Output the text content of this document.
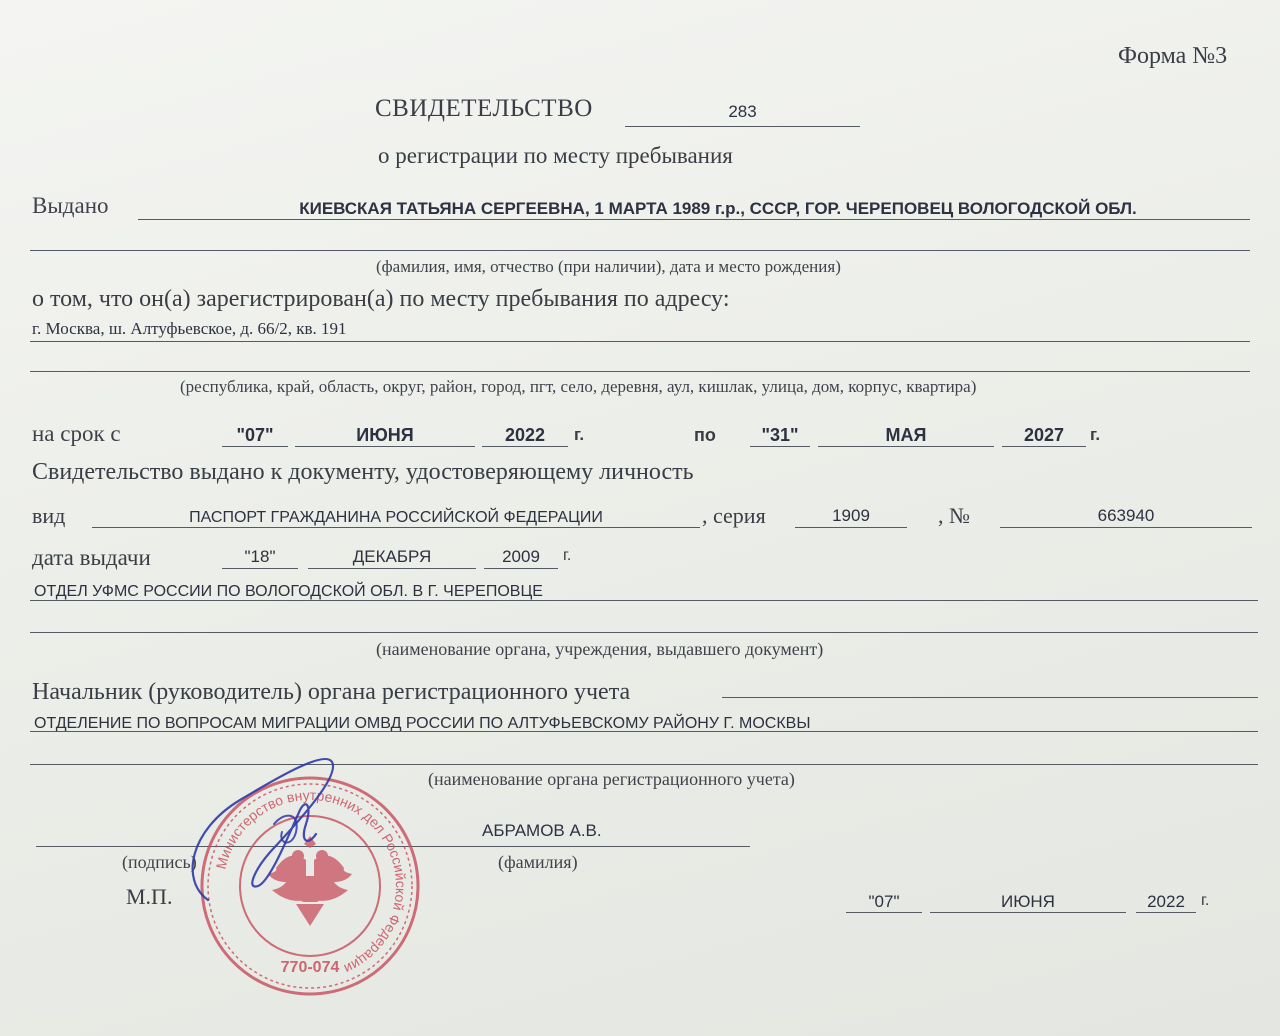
Форма №3
СВИДЕТЕЛЬСТВО	283
о регистрации по месту пребывания
Выдано	КИЕВСКАЯ ТАТЬЯНА СЕРГЕЕВНА, 1 МАРТА 1989 г.р., СССР, ГОР. ЧЕРЕПОВЕЦ ВОЛОГОДСКОЙ ОБЛ.
(фамилия, имя, отчество (при наличии), дата и место рождения)
о том, что он(а) зарегистрирован(а) по месту пребывания по адресу:
г. Москва, ш. Алтуфьевское, д. 66/2, кв. 191
(республика, край, область, округ, район, город, пгт, село, деревня, аул, кишлак, улица, дом, корпус, квартира)
на срок с	"07"	ИЮНЯ	2022	г.	по	"31"	МАЯ	2027	г.
Свидетельство выдано к документу, удостоверяющему личность
вид	ПАСПОРТ ГРАЖДАНИНА РОССИЙСКОЙ ФЕДЕРАЦИИ	, серия	1909	, №	663940
дата выдачи	"18"	ДЕКАБРЯ	2009	г.
ОТДЕЛ УФМС РОССИИ ПО ВОЛОГОДСКОЙ ОБЛ. В Г. ЧЕРЕПОВЦЕ
(наименование органа, учреждения, выдавшего документ)
Начальник (руководитель) органа регистрационного учета
ОТДЕЛЕНИЕ ПО ВОПРОСАМ МИГРАЦИИ ОМВД РОССИИ ПО АЛТУФЬЕВСКОМУ РАЙОНУ Г. МОСКВЫ
(наименование органа регистрационного учета)
АБРАМОВ А.В.
(подпись)	(фамилия)
М.П.	"07"	ИЮНЯ	2022	г.
Министерство внутренних дел Российской Федерации
770-074
